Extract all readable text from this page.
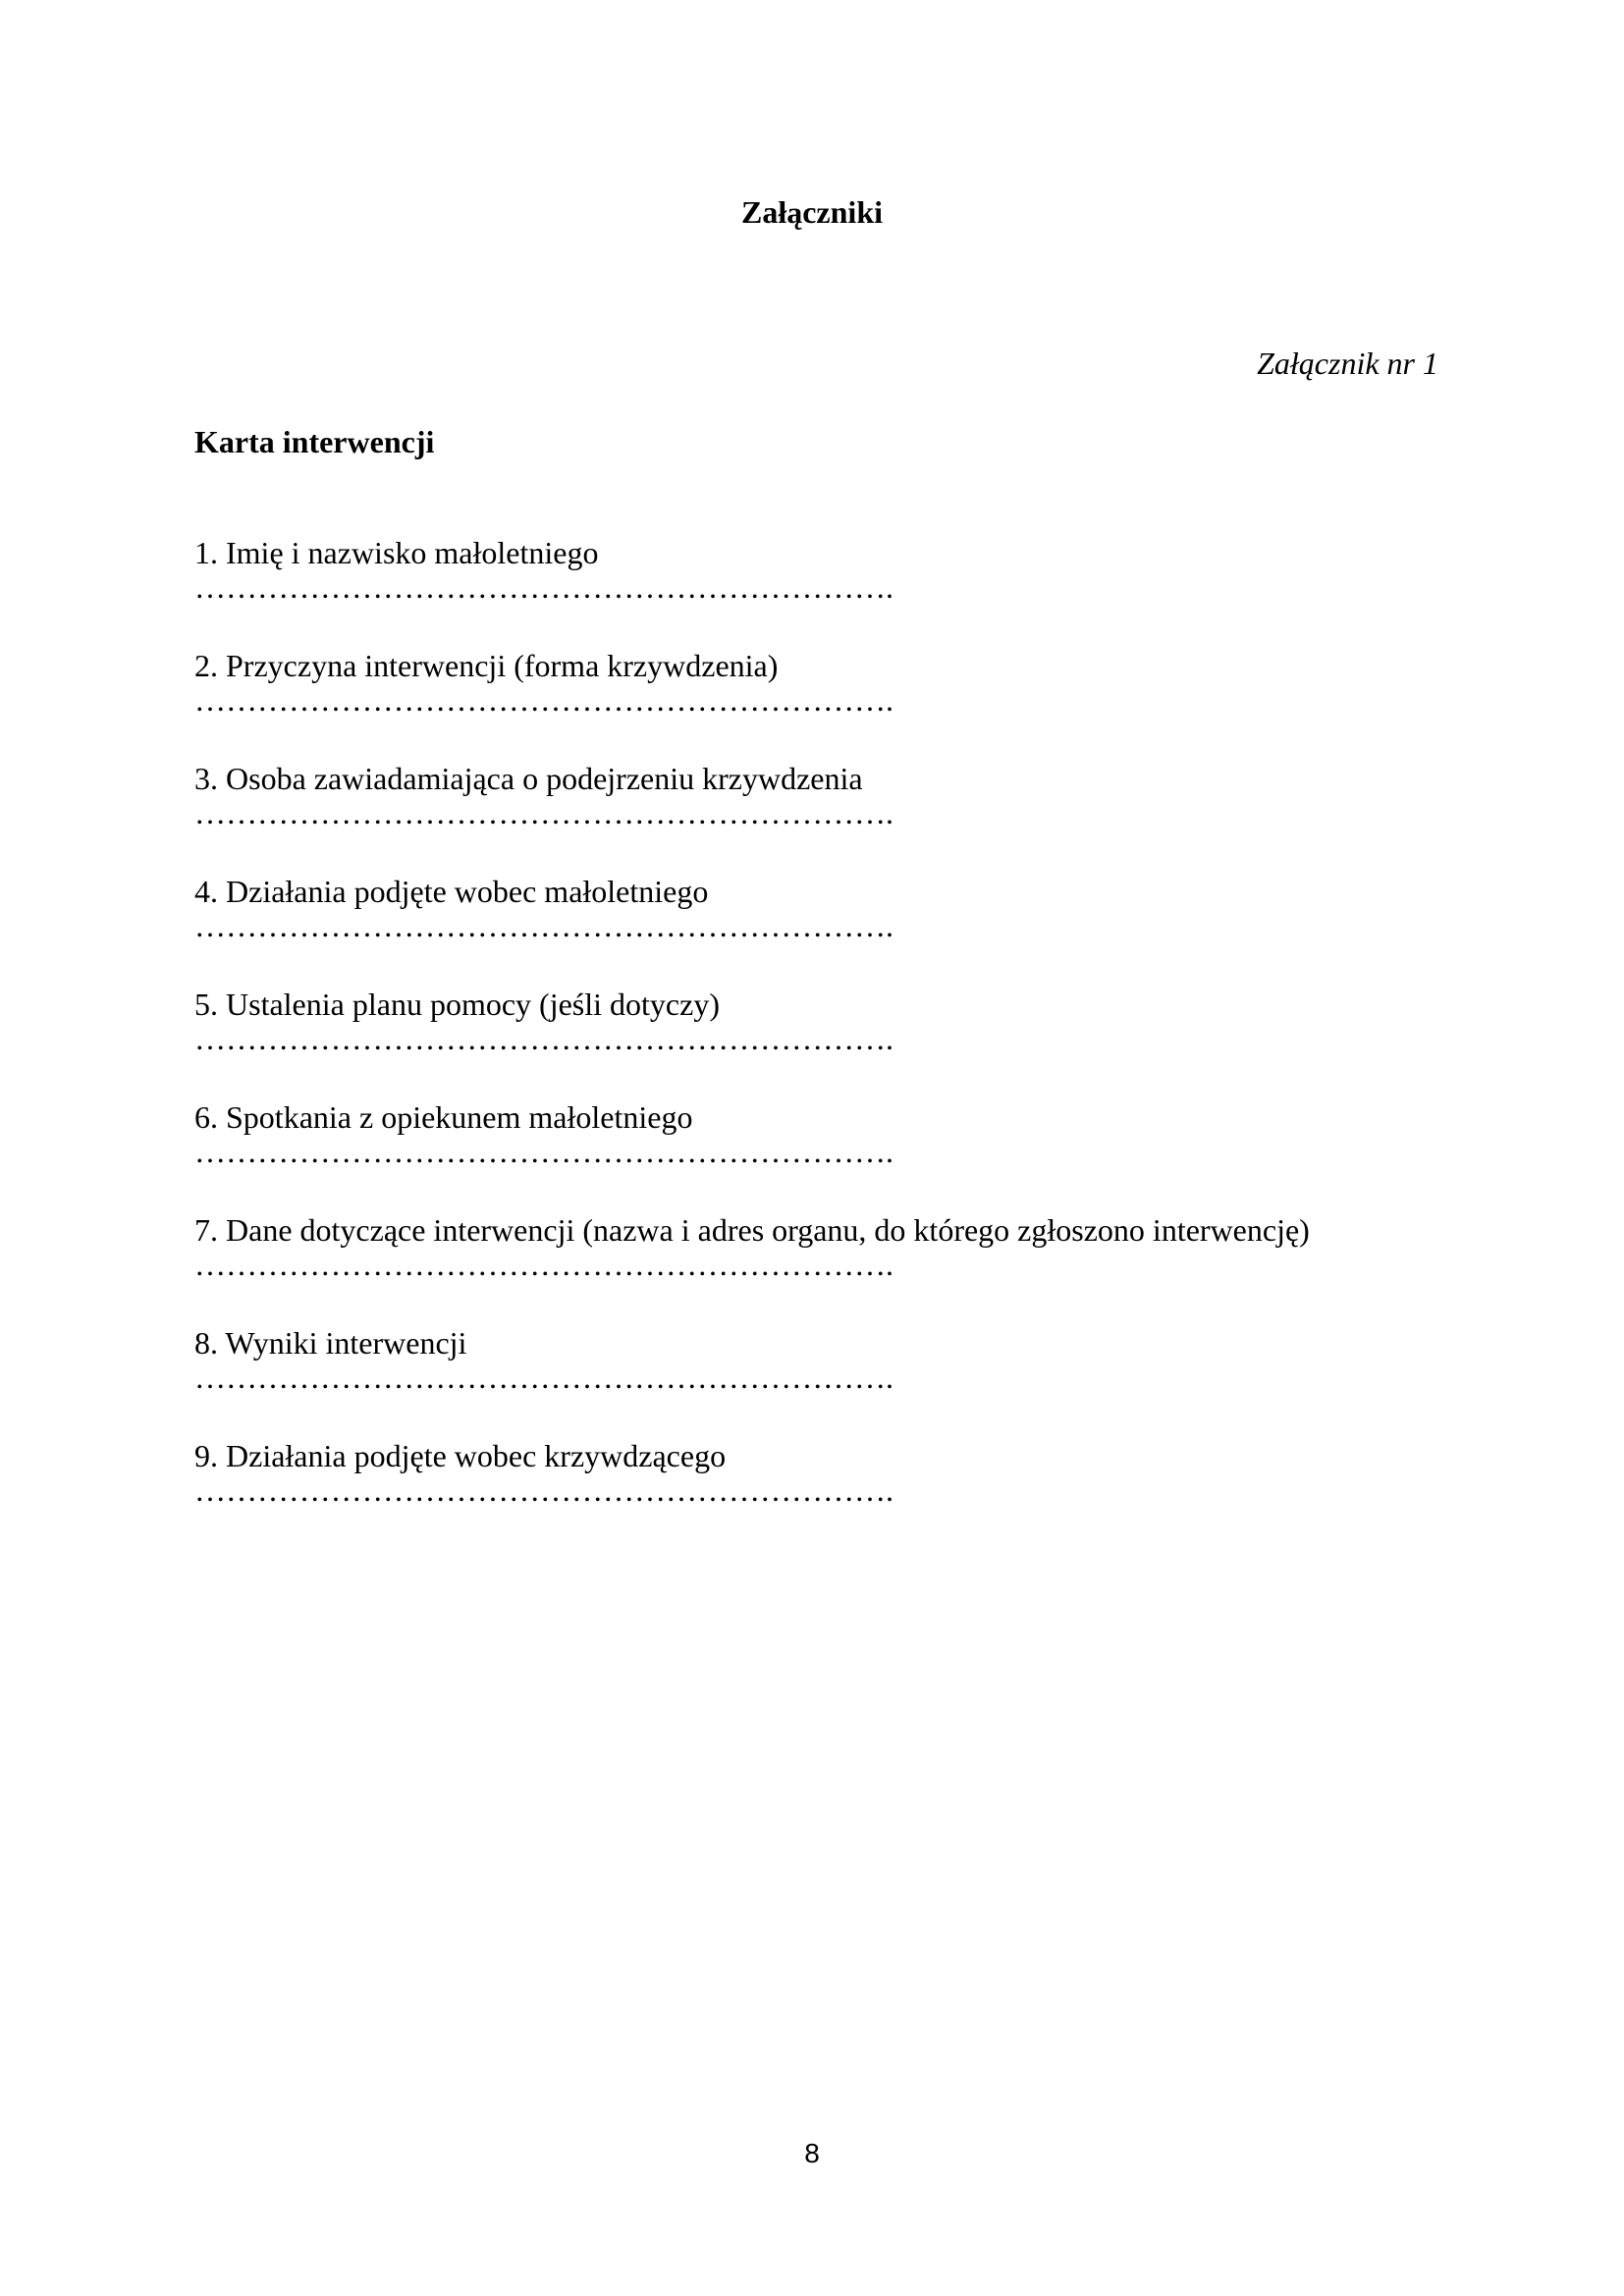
Załączniki
Załącznik nr 1
Karta interwencji
1. Imię i nazwisko małoletniego
………………………………………………………….
2. Przyczyna interwencji (forma krzywdzenia)
………………………………………………………….
3. Osoba zawiadamiająca o podejrzeniu krzywdzenia
………………………………………………………….
4. Działania podjęte wobec małoletniego
………………………………………………………….
5. Ustalenia planu pomocy (jeśli dotyczy)
………………………………………………………….
6. Spotkania z opiekunem małoletniego
………………………………………………………….
7. Dane dotyczące interwencji (nazwa i adres organu, do którego zgłoszono interwencję)
………………………………………………………….
8. Wyniki interwencji
………………………………………………………….
9. Działania podjęte wobec krzywdzącego
………………………………………………………….
8
